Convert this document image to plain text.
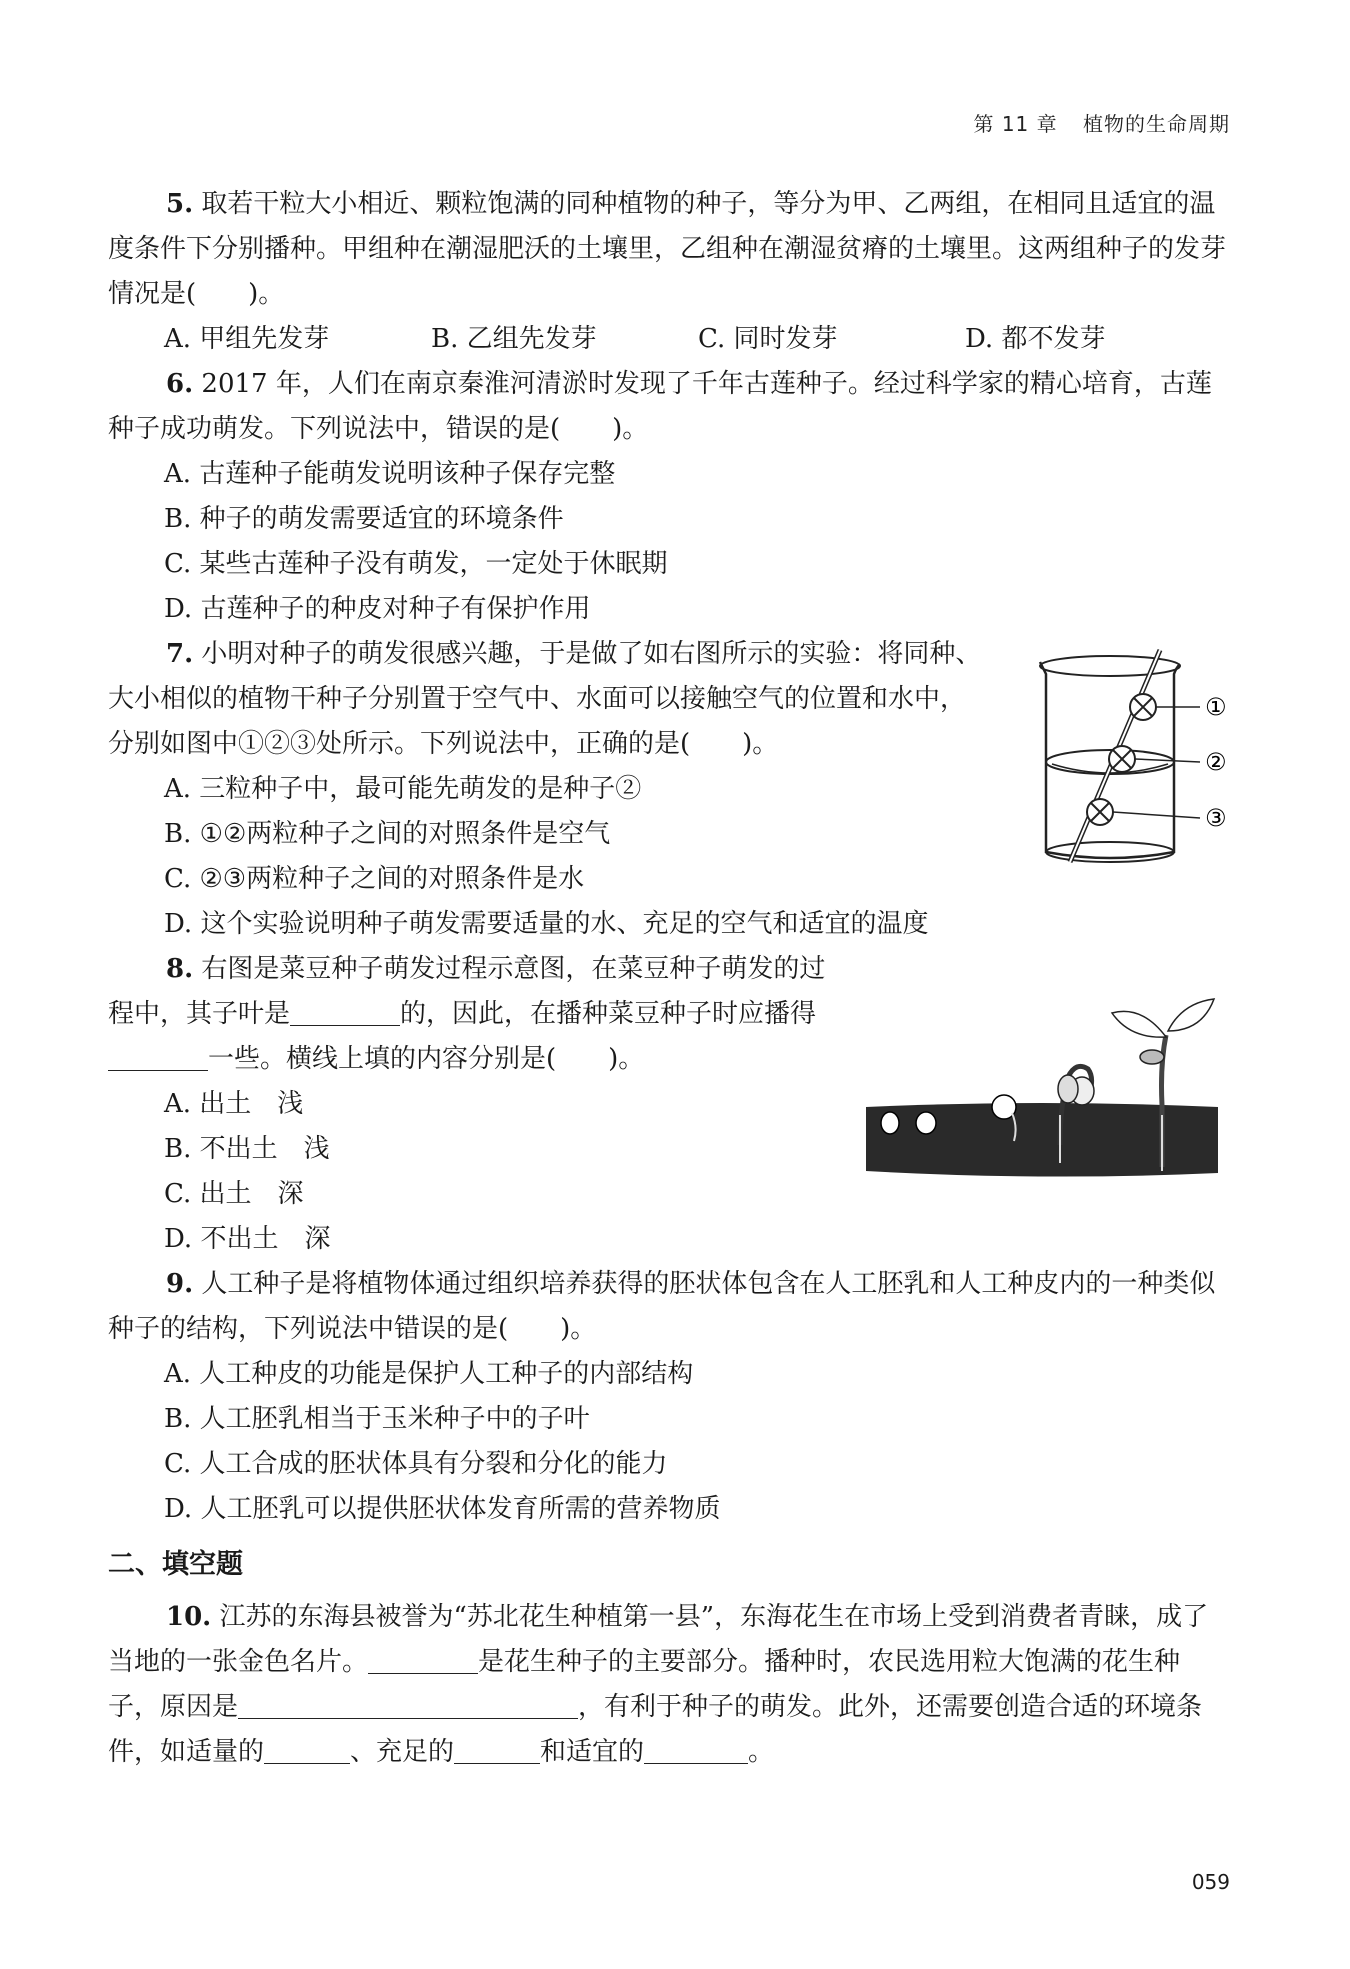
第 11 章 植物的生命周期

5. 取若干粒大小相近、颗粒饱满的同种植物的种子，等分为甲、乙两组，在相同且适宜的温度条件下分别播种。甲组种在潮湿肥沃的土壤里，乙组种在潮湿贫瘠的土壤里。这两组种子的发芽情况是(　　)。

A. 甲组先发芽	B. 乙组先发芽	C. 同时发芽	D. 都不发芽

6. 2017 年，人们在南京秦淮河清淤时发现了千年古莲种子。经过科学家的精心培育，古莲种子成功萌发。下列说法中，错误的是(　　)。

A. 古莲种子能萌发说明该种子保存完整

B. 种子的萌发需要适宜的环境条件

C. 某些古莲种子没有萌发，一定处于休眠期

D. 古莲种子的种皮对种子有保护作用

7. 小明对种子的萌发很感兴趣，于是做了如右图所示的实验：将同种、大小相似的植物干种子分别置于空气中、水面可以接触空气的位置和水中，分别如图中①②③处所示。下列说法中，正确的是(　　)。

A. 三粒种子中，最可能先萌发的是种子②

B. ①②两粒种子之间的对照条件是空气

C. ②③两粒种子之间的对照条件是水

D. 这个实验说明种子萌发需要适量的水、充足的空气和适宜的温度

8. 右图是菜豆种子萌发过程示意图，在菜豆种子萌发的过程中，其子叶是	的，因此，在播种菜豆种子时应播得一些。横线上填的内容分别是(　　)。

A. 出土　浅

B. 不出土　浅

C. 出土　深

D. 不出土　深

9. 人工种子是将植物体通过组织培养获得的胚状体包含在人工胚乳和人工种皮内的一种类似种子的结构，下列说法中错误的是(　　)。

A. 人工种皮的功能是保护人工种子的内部结构

B. 人工胚乳相当于玉米种子中的子叶

C. 人工合成的胚状体具有分裂和分化的能力

D. 人工胚乳可以提供胚状体发育所需的营养物质

二、填空题

10. 江苏的东海县被誉为“苏北花生种植第一县”，东海花生在市场上受到消费者青睐，成了当地的一张金色名片。	是花生种子的主要部分。播种时，农民选用粒大饱满的花生种子，原因是	，有利于种子的萌发。此外，还需要创造合适的环境条件，如适量的	、充足的	和适宜的	。

①
②
③
059
